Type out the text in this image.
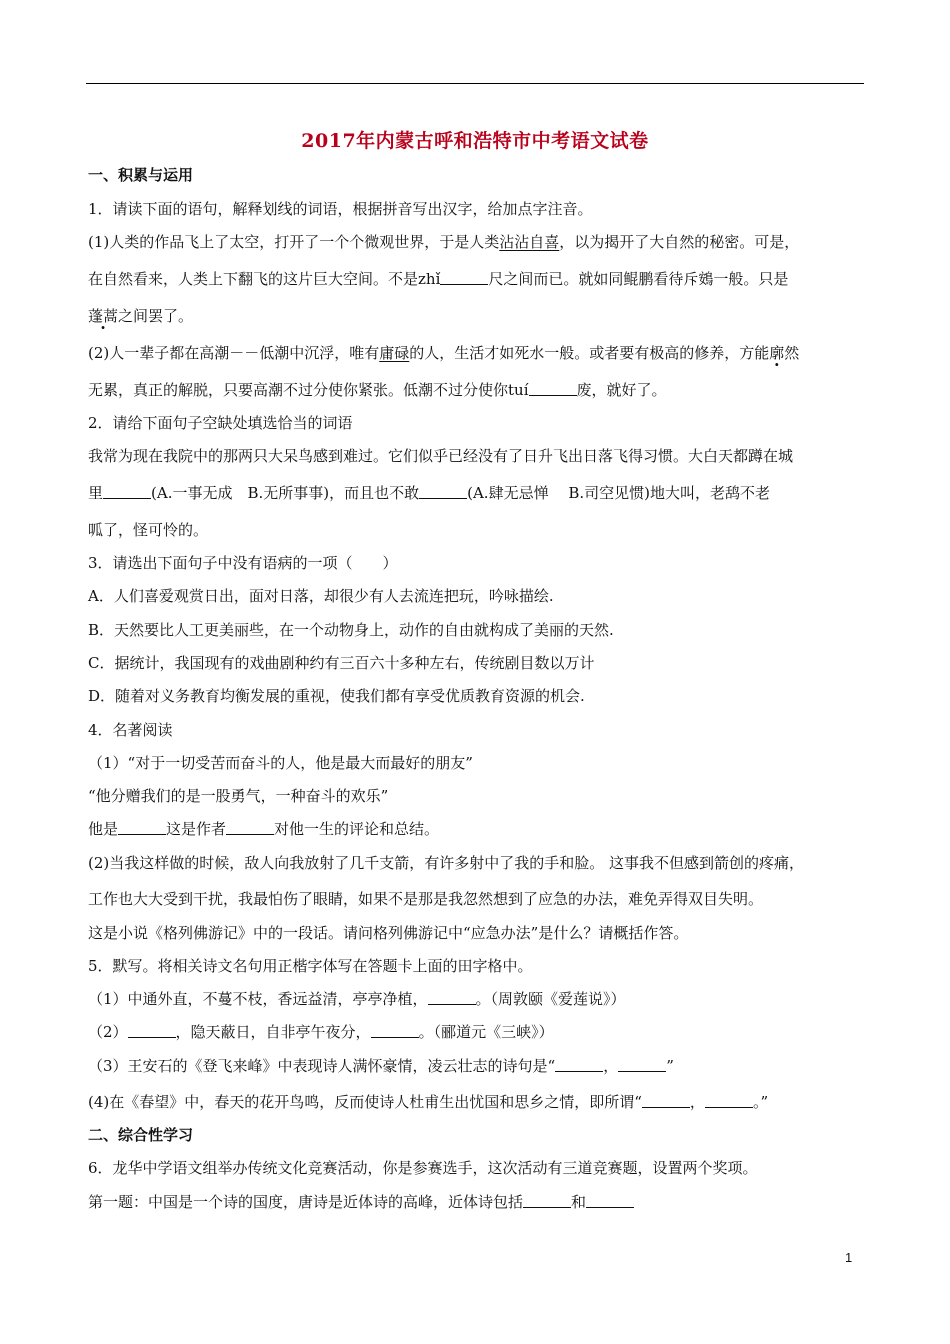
2017年内蒙古呼和浩特市中考语文试卷
一、积累与运用
1．请读下面的语句，解释划线的词语，根据拼音写出汉字，给加点字注音。
(1)人类的作品飞上了太空，打开了一个个微观世界，于是人类沾沾自喜，以为揭开了大自然的秘密。可是，
在自然看来，人类上下翻飞的这片巨大空间。不是zhǐ	尺之间而已。就如同鲲鹏看待斥鴳一般。只是
蓬蒿之间罢了。
(2)人一辈子都在高潮－－低潮中沉浮，唯有庸碌的人，生活才如死水一般。或者要有极高的修养，方能廓然
无累，真正的解脱，只要高潮不过分使你紧张。低潮不过分使你tuí	废，就好了。
2．请给下面句子空缺处填选恰当的词语
我常为现在我院中的那两只大呆鸟感到难过。它们似乎已经没有了日升飞出日落飞得习惯。大白天都蹲在城
里	(A.一事无成　B.无所事事)，而且也不敢	(A.肆无忌惮　 B.司空见惯)地大叫，老鸹不老
呱了，怪可怜的。
3．请选出下面句子中没有语病的一项（　　）
A．人们喜爱观赏日出，面对日落，却很少有人去流连把玩，吟咏描绘.
B．天然要比人工更美丽些，在一个动物身上，动作的自由就构成了美丽的天然.
C．据统计，我国现有的戏曲剧种约有三百六十多种左右，传统剧目数以万计
D．随着对义务教育均衡发展的重视，使我们都有享受优质教育资源的机会.
4．名著阅读
（1）“对于一切受苦而奋斗的人，他是最大而最好的朋友”
“他分赠我们的是一股勇气，一种奋斗的欢乐”
他是	这是作者	对他一生的评论和总结。
(2)当我这样做的时候，敌人向我放射了几千支箭，有许多射中了我的手和脸。 这事我不但感到箭创的疼痛，
工作也大大受到干扰，我最怕伤了眼睛，如果不是那是我忽然想到了应急的办法，难免弄得双目失明。
这是小说《格列佛游记》中的一段话。请问格列佛游记中“应急办法”是什么？请概括作答。
5．默写。将相关诗文名句用正楷字体写在答题卡上面的田字格中。
（1）中通外直，不蔓不枝，香远益清，亭亭净植，	。（周敦颐《爱莲说》）
（2）	，隐天蔽日，自非亭午夜分，	。（郦道元《三峡》）
（3）王安石的《登飞来峰》中表现诗人满怀豪情，凌云壮志的诗句是“	，	”
(4)在《春望》中，春天的花开鸟鸣，反而使诗人杜甫生出忧国和思乡之情，即所谓“	，	。”
二、综合性学习
6．龙华中学语文组举办传统文化竞赛活动，你是参赛选手，这次活动有三道竞赛题，设置两个奖项。
第一题：中国是一个诗的国度，唐诗是近体诗的高峰，近体诗包括	和
1
